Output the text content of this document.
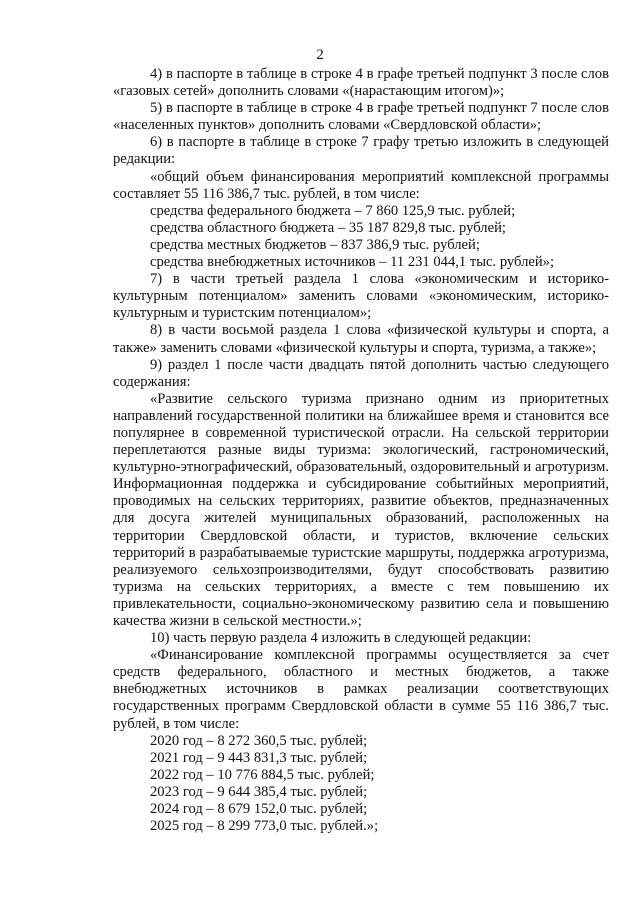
2

4) в паспорте в таблице в строке 4 в графе третьей подпункт 3 после слов «газовых сетей» дополнить словами «(нарастающим итогом)»;

5) в паспорте в таблице в строке 4 в графе третьей подпункт 7 после слов «населенных пунктов» дополнить словами «Свердловской области»;

6) в паспорте в таблице в строке 7 графу третью изложить в следующей редакции:

«общий объем финансирования мероприятий комплексной программы составляет 55 116 386,7 тыс. рублей, в том числе:

средства федерального бюджета – 7 860 125,9 тыс. рублей;

средства областного бюджета – 35 187 829,8 тыс. рублей;

средства местных бюджетов – 837 386,9 тыс. рублей;

средства внебюджетных источников – 11 231 044,1 тыс. рублей»;

7) в части третьей раздела 1 слова «экономическим и историко-культурным потенциалом» заменить словами «экономическим, историко-культурным и туристским потенциалом»;

8) в части восьмой раздела 1 слова «физической культуры и спорта, а также» заменить словами «физической культуры и спорта, туризма, а также»;

9) раздел 1 после части двадцать пятой дополнить частью следующего содержания:

«Развитие сельского туризма признано одним из приоритетных направлений государственной политики на ближайшее время и становится все популярнее в современной туристической отрасли. На сельской территории переплетаются разные виды туризма: экологический, гастрономический, культурно-этнографический, образовательный, оздоровительный и агротуризм. Информационная поддержка и субсидирование событийных мероприятий, проводимых на сельских территориях, развитие объектов, предназначенных для досуга жителей муниципальных образований, расположенных на территории Свердловской области, и туристов, включение сельских территорий в разрабатываемые туристские маршруты, поддержка агротуризма, реализуемого сельхозпроизводителями, будут способствовать развитию туризма на сельских территориях, а вместе с тем повышению их привлекательности, социально-экономическому развитию села и повышению качества жизни в сельской местности.»;

10) часть первую раздела 4 изложить в следующей редакции:

«Финансирование комплексной программы осуществляется за счет средств федерального, областного и местных бюджетов, а также внебюджетных источников в рамках реализации соответствующих государственных программ Свердловской области в сумме 55 116 386,7 тыс. рублей, в том числе:

2020 год – 8 272 360,5 тыс. рублей;

2021 год – 9 443 831,3 тыс. рублей;

2022 год – 10 776 884,5 тыс. рублей;

2023 год – 9 644 385,4 тыс. рублей;

2024 год – 8 679 152,0 тыс. рублей;

2025 год – 8 299 773,0 тыс. рублей.»;
